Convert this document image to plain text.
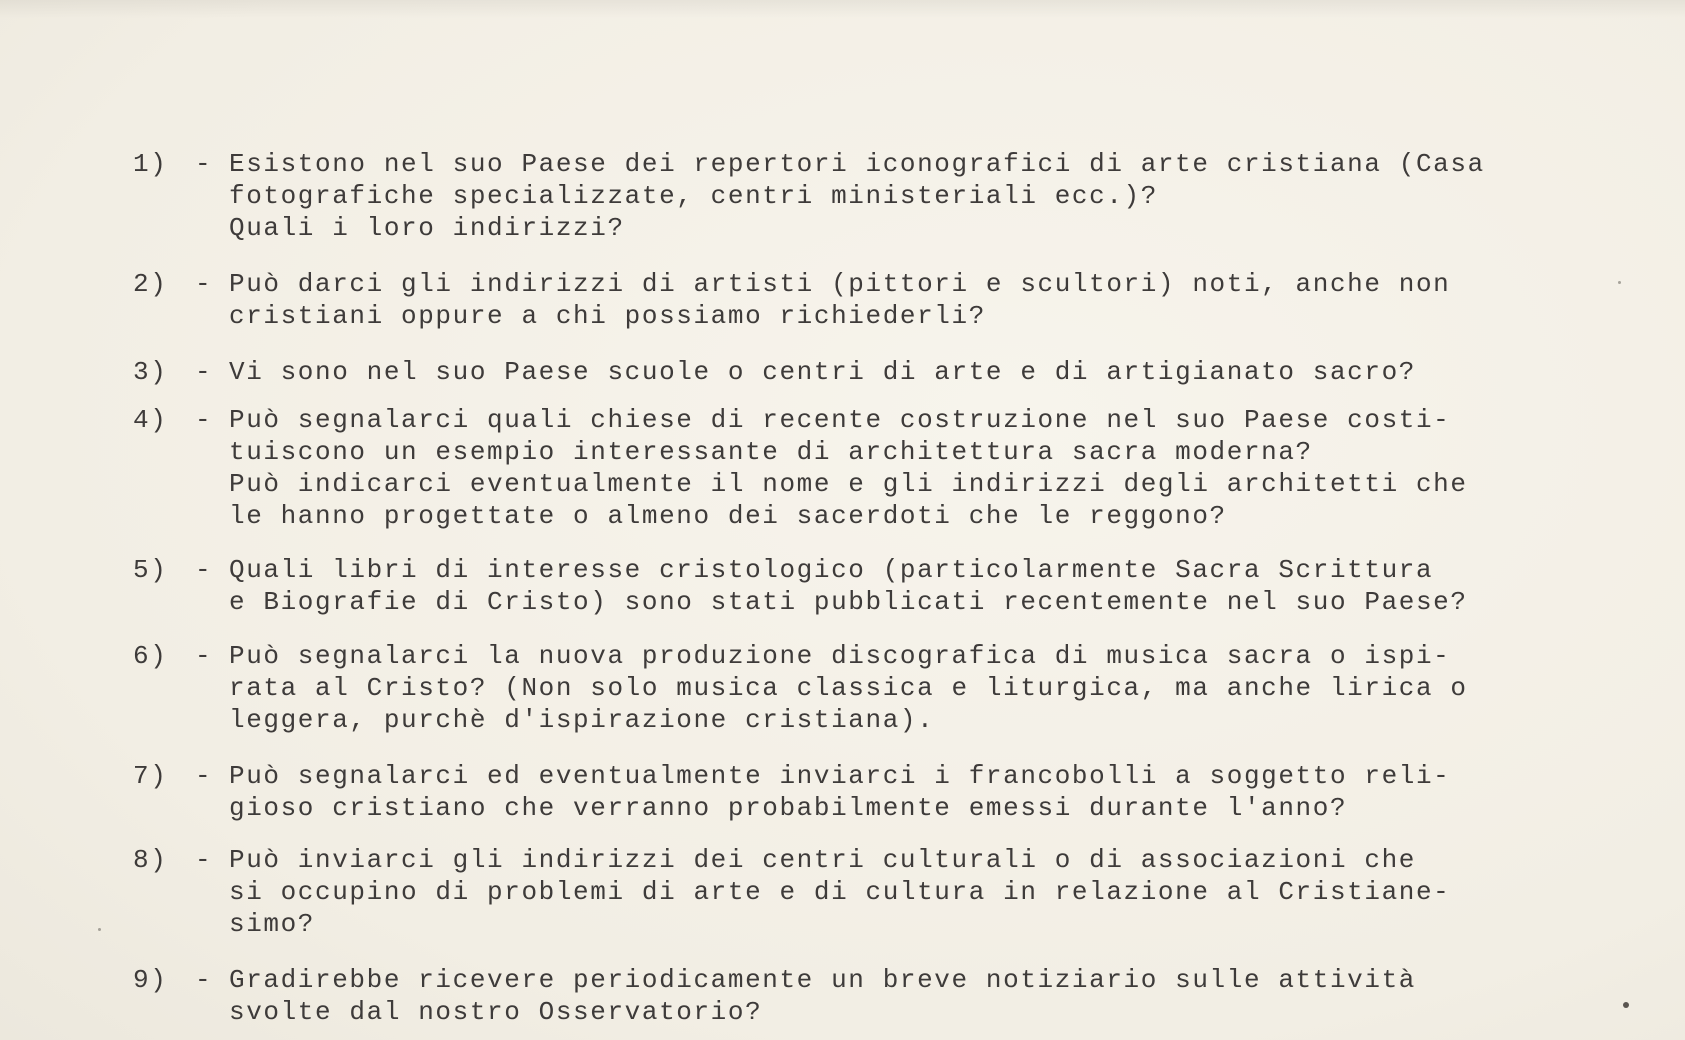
1) - Esistono nel suo Paese dei repertori iconografici di arte cristiana (Casa
fotografiche specializzate, centri ministeriali ecc.)?
Quali i loro indirizzi?
2) - Può darci gli indirizzi di artisti (pittori e scultori) noti, anche non
cristiani oppure a chi possiamo richiederli?
3) - Vi sono nel suo Paese scuole o centri di arte e di artigianato sacro?
4) - Può segnalarci quali chiese di recente costruzione nel suo Paese costi-
tuiscono un esempio interessante di architettura sacra moderna?
Può indicarci eventualmente il nome e gli indirizzi degli architetti che
le hanno progettate o almeno dei sacerdoti che le reggono?
5) - Quali libri di interesse cristologico (particolarmente Sacra Scrittura
e Biografie di Cristo) sono stati pubblicati recentemente nel suo Paese?
6) - Può segnalarci la nuova produzione discografica di musica sacra o ispi-
rata al Cristo? (Non solo musica classica e liturgica, ma anche lirica o
leggera, purchè d'ispirazione cristiana).
7) - Può segnalarci ed eventualmente inviarci i francobolli a soggetto reli-
gioso cristiano che verranno probabilmente emessi durante l'anno?
8) - Può inviarci gli indirizzi dei centri culturali o di associazioni che
si occupino di problemi di arte e di cultura in relazione al Cristiane-
simo?
9) - Gradirebbe ricevere periodicamente un breve notiziario sulle attività
svolte dal nostro Osservatorio?
